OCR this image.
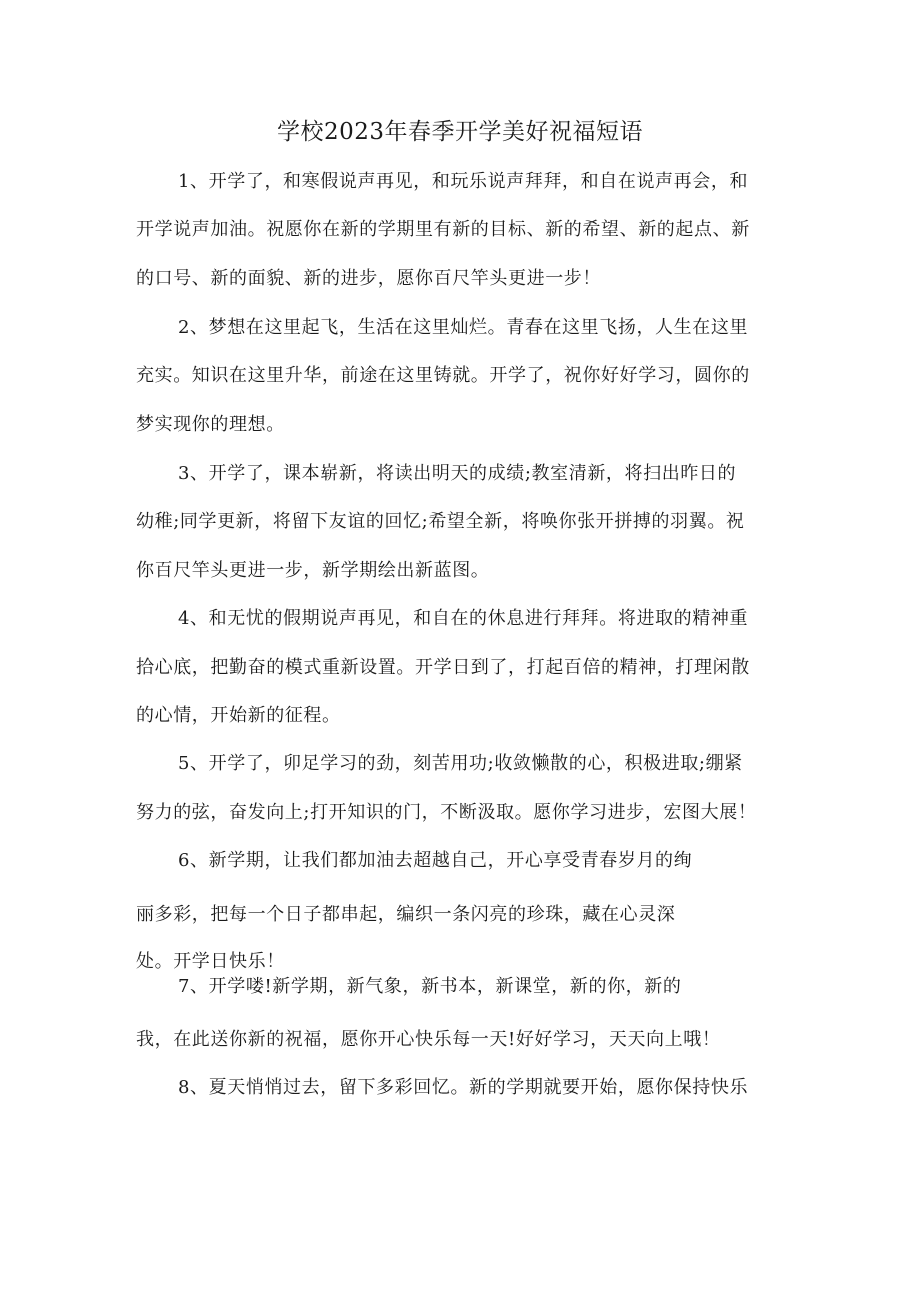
学校2023年春季开学美好祝福短语
1、开学了，和寒假说声再见，和玩乐说声拜拜，和自在说声再会，和
开学说声加油。祝愿你在新的学期里有新的目标、新的希望、新的起点、新
的口号、新的面貌、新的进步，愿你百尺竿头更进一步！
2、梦想在这里起飞，生活在这里灿烂。青春在这里飞扬，人生在这里
充实。知识在这里升华，前途在这里铸就。开学了，祝你好好学习，圆你的
梦实现你的理想。
3、开学了，课本崭新，将读出明天的成绩;教室清新，将扫出昨日的
幼稚;同学更新，将留下友谊的回忆;希望全新，将唤你张开拼搏的羽翼。祝
你百尺竿头更进一步，新学期绘出新蓝图。
4、和无忧的假期说声再见，和自在的休息进行拜拜。将进取的精神重
拾心底，把勤奋的模式重新设置。开学日到了，打起百倍的精神，打理闲散
的心情，开始新的征程。
5、开学了，卯足学习的劲，刻苦用功;收敛懒散的心，积极进取;绷紧
努力的弦，奋发向上;打开知识的门，不断汲取。愿你学习进步，宏图大展！
6、新学期，让我们都加油去超越自己，开心享受青春岁月的绚
丽多彩，把每一个日子都串起，编织一条闪亮的珍珠，藏在心灵深
处。开学日快乐！
7、开学喽!新学期，新气象，新书本，新课堂，新的你，新的
我，在此送你新的祝福，愿你开心快乐每一天!好好学习，天天向上哦！
8、夏天悄悄过去，留下多彩回忆。新的学期就要开始，愿你保持快乐
